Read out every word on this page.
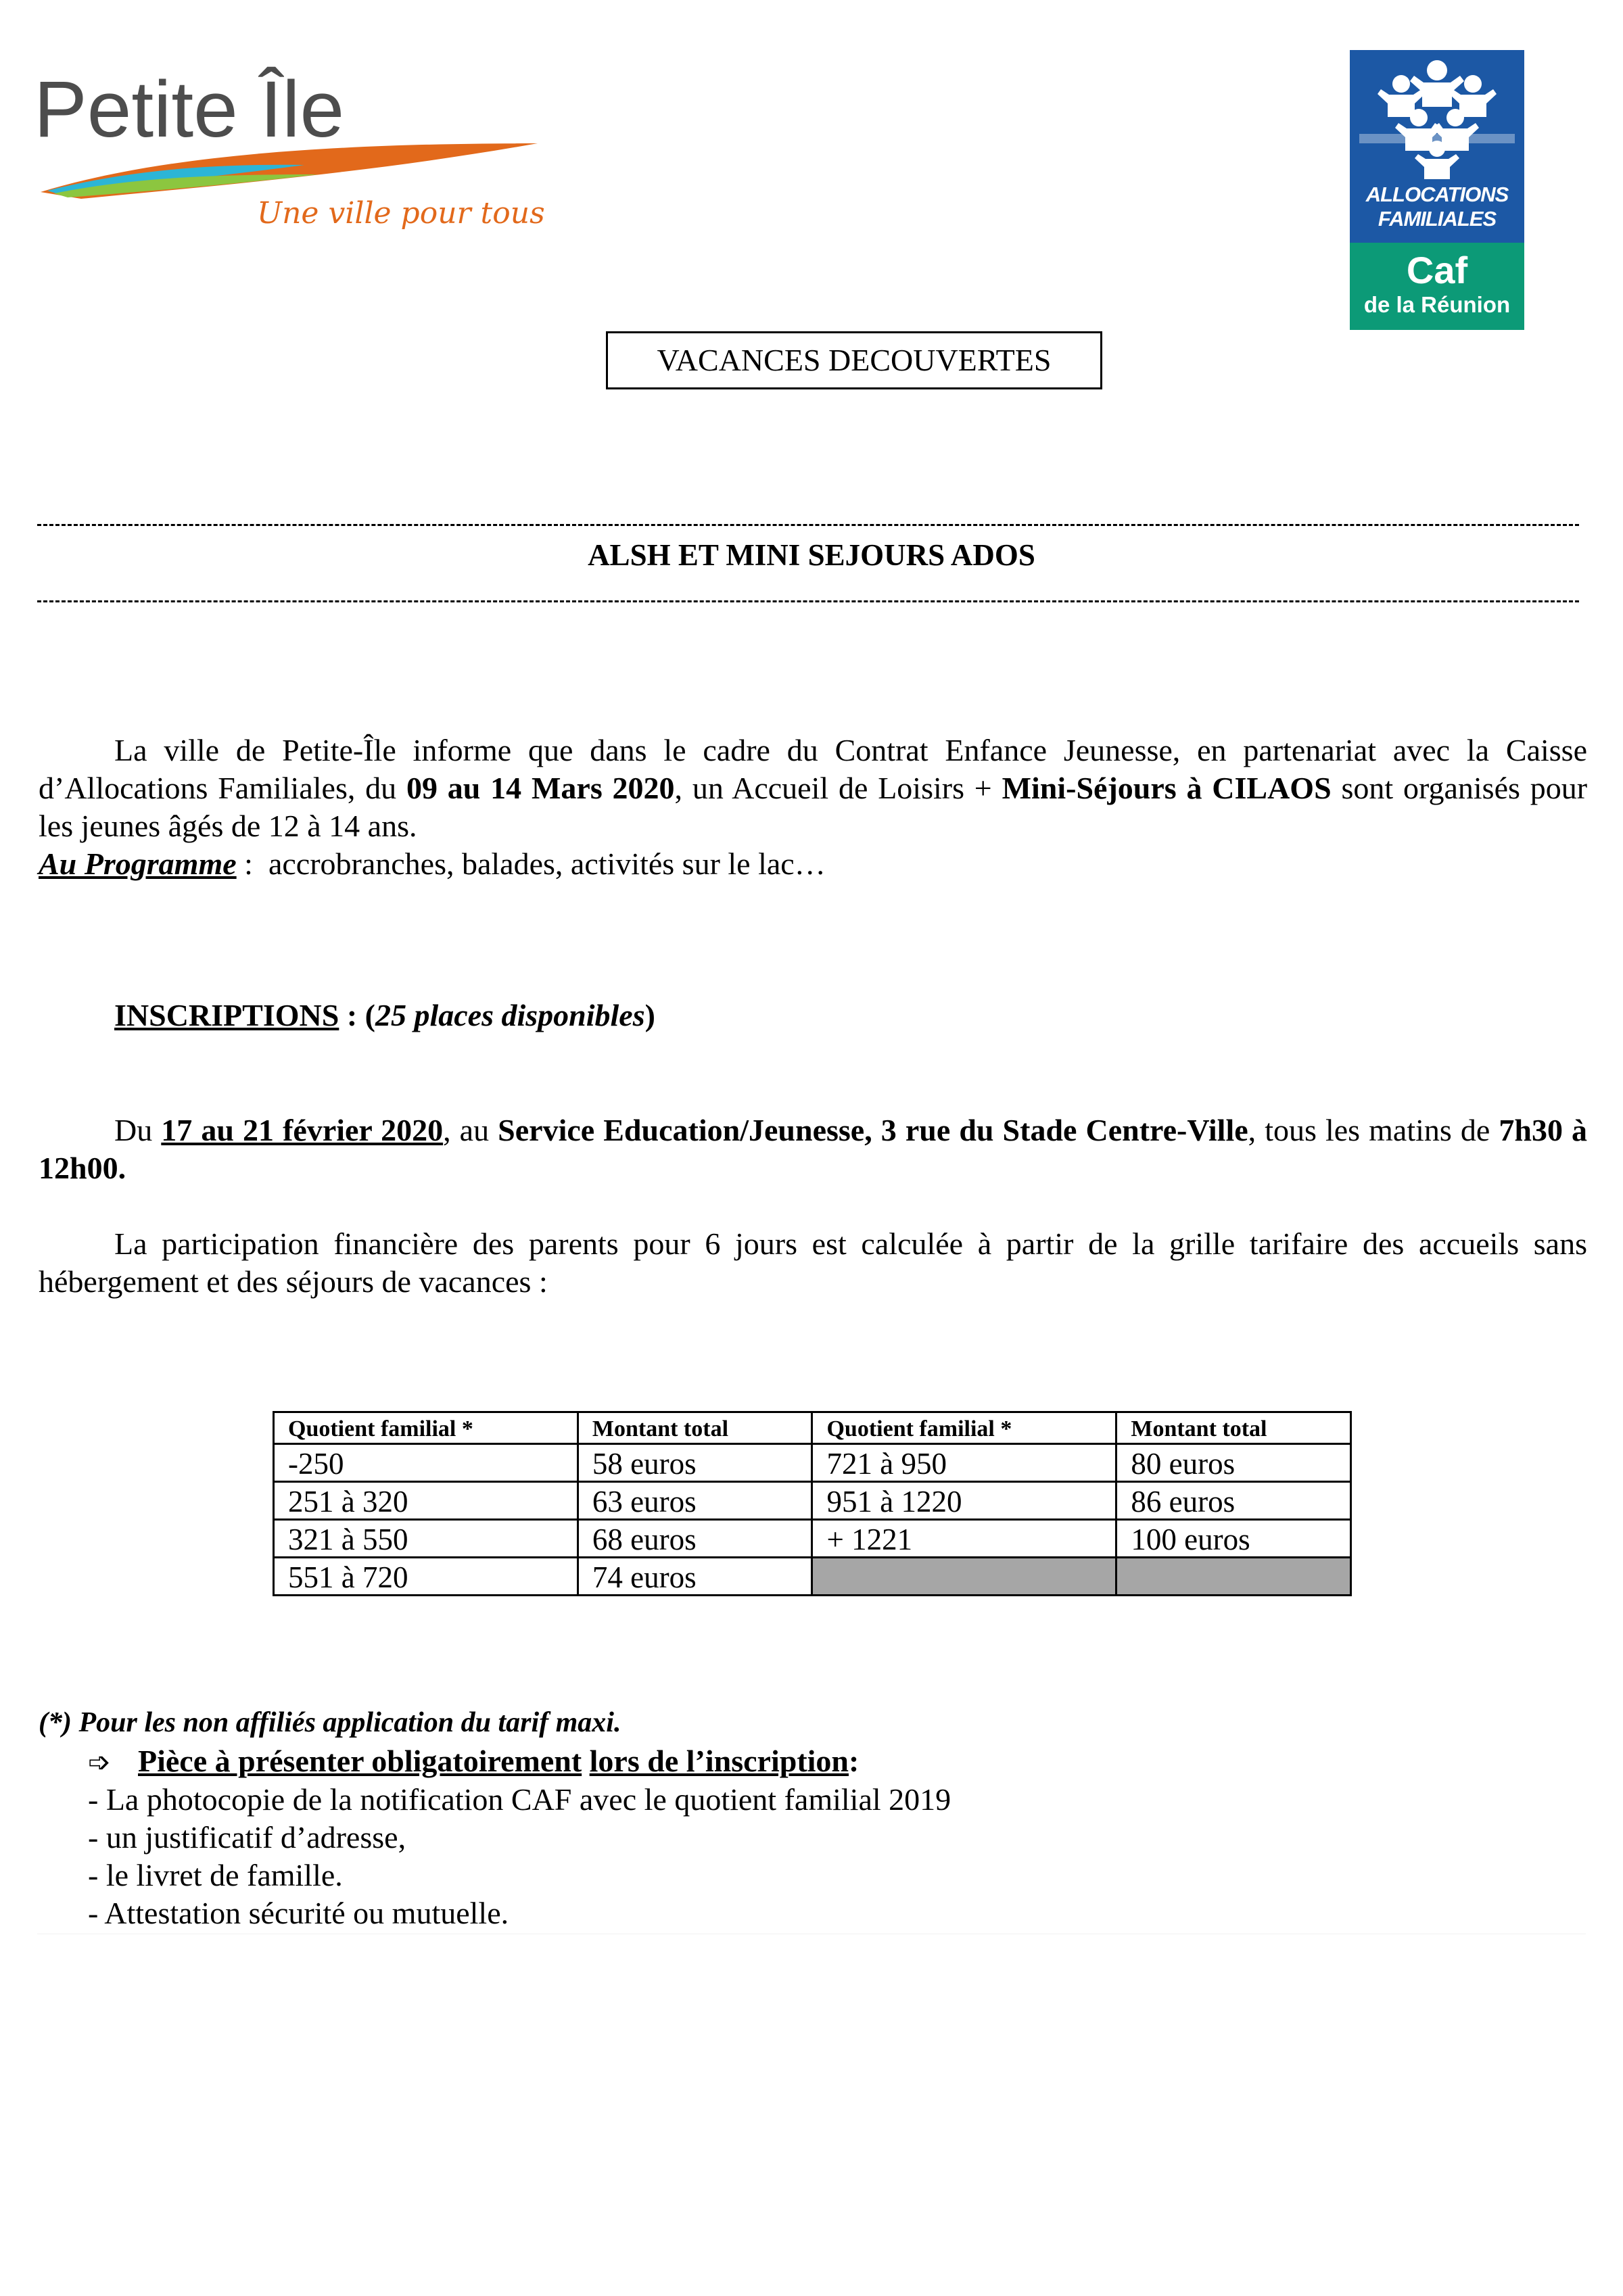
Petite Île
Une ville pour tous
ALLOCATIONS
FAMILIALES
Caf
de la Réunion
VACANCES DECOUVERTES
ALSH ET MINI SEJOURS ADOS
La ville de Petite-Île informe que dans le cadre du Contrat Enfance Jeunesse, en partenariat avec la Caisse d’Allocations Familiales, du 09 au 14 Mars 2020, un Accueil de Loisirs + Mini-Séjours à CILAOS sont organisés pour les jeunes âgés de 12 à 14 ans.
Au Programme : accrobranches, balades, activités sur le lac…
INSCRIPTIONS : (25 places disponibles)
Du 17 au 21 février 2020, au Service Education/Jeunesse, 3 rue du Stade Centre-Ville, tous les matins de 7h30 à 12h00.
La participation financière des parents pour 6 jours est calculée à partir de la grille tarifaire des accueils sans hébergement et des séjours de vacances :
Quotient familial *	Montant total	Quotient familial *	Montant total
-250	58 euros	721 à 950	80 euros
251 à 320	63 euros	951 à 1220	86 euros
321 à 550	68 euros	+ 1221	100 euros
551 à 720	74 euros		
(*) Pour les non affiliés application du tarif maxi.
➩ Pièce à présenter obligatoirement lors de l’inscription:
- La photocopie de la notification CAF avec le quotient familial 2019
- un justificatif d’adresse,
- le livret de famille.
- Attestation sécurité ou mutuelle.
